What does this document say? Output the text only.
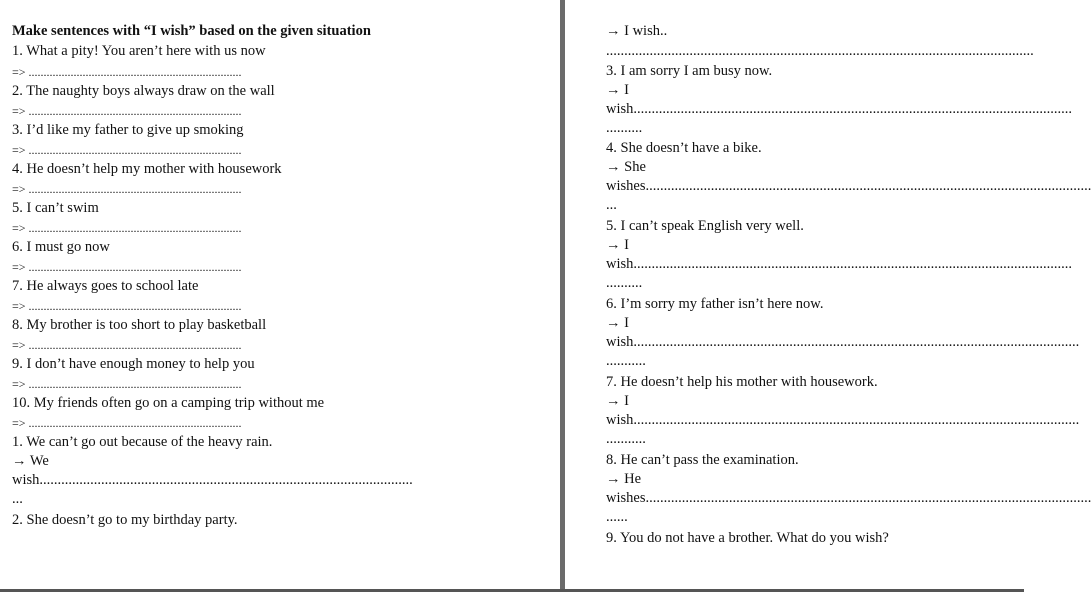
Make sentences with “I wish” based on the given situation
1. What a pity! You aren’t here with us now
=> .......................................................................
2. The naughty boys always draw on the wall
=> .......................................................................
3. I’d like my father to give up smoking
=> .......................................................................
4. He doesn’t help my mother with housework
=> .......................................................................
5. I can’t swim
=> .......................................................................
6. I must go now
=> .......................................................................
7. He always goes to school late
=> .......................................................................
8. My brother is too short to play basketball
=> .......................................................................
9. I don’t have enough money to help you
=> .......................................................................
10. My friends often go on a camping trip without me
=> .......................................................................
1. We can’t go out because of the heavy rain.
→ We
wish.......................................................................................................
...
2. She doesn’t go to my birthday party.
→ I wish..
......................................................................................................................
3. I am sorry I am busy now.
→ I
wish.........................................................................................................................
..........
4. She doesn’t have a bike.
→ She
wishes...........................................................................................................................
...
5. I can’t speak English very well.
→ I
wish.........................................................................................................................
..........
6. I’m sorry my father isn’t here now.
→ I
wish...........................................................................................................................
...........
7. He doesn’t help his mother with housework.
→ I
wish...........................................................................................................................
...........
8. He can’t pass the examination.
→ He
wishes...........................................................................................................................
......
9. You do not have a brother. What do you wish?
